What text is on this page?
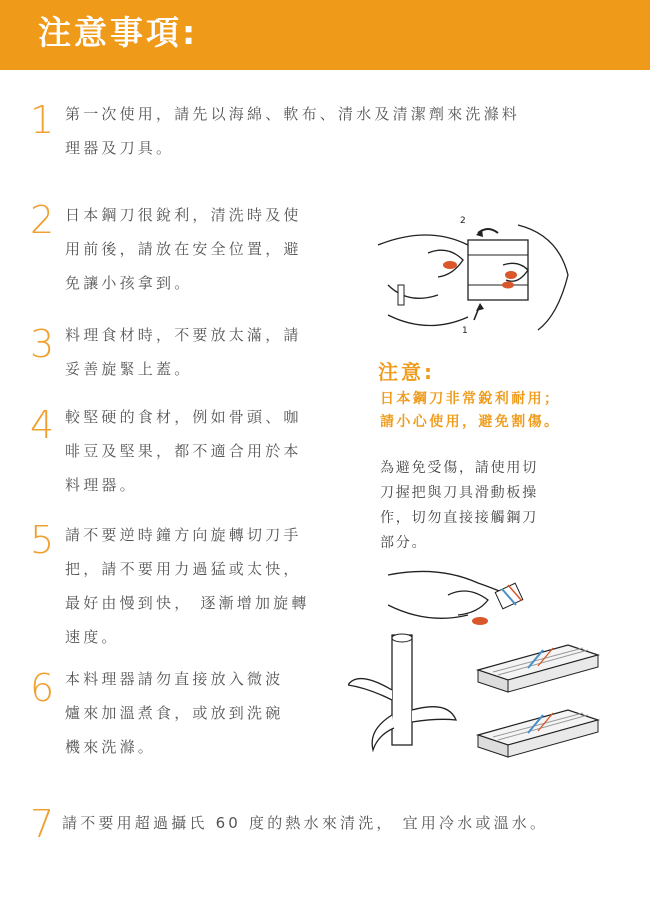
注意事項:
1 第一次使用，請先以海綿、軟布、清水及清潔劑來洗滌料
理器及刀具。
2 日本鋼刀很銳利，清洗時及使
用前後，請放在安全位置，避
免讓小孩拿到。
3 料理食材時，不要放太滿，請
妥善旋緊上蓋。
4 較堅硬的食材，例如骨頭、咖
啡豆及堅果，都不適合用於本
料理器。
5 請不要逆時鐘方向旋轉切刀手
把，請不要用力過猛或太快，
最好由慢到快， 逐漸增加旋轉
速度。
6 本料理器請勿直接放入微波
爐來加溫煮食，或放到洗碗
機來洗滌。
7 請不要用超過攝氏 60 度的熱水來清洗， 宜用冷水或溫水。
2
1
注意:
日本鋼刀非常銳利耐用；
請小心使用，避免割傷。
為避免受傷，請使用切
刀握把與刀具滑動板操
作，切勿直接接觸鋼刀
部分。
